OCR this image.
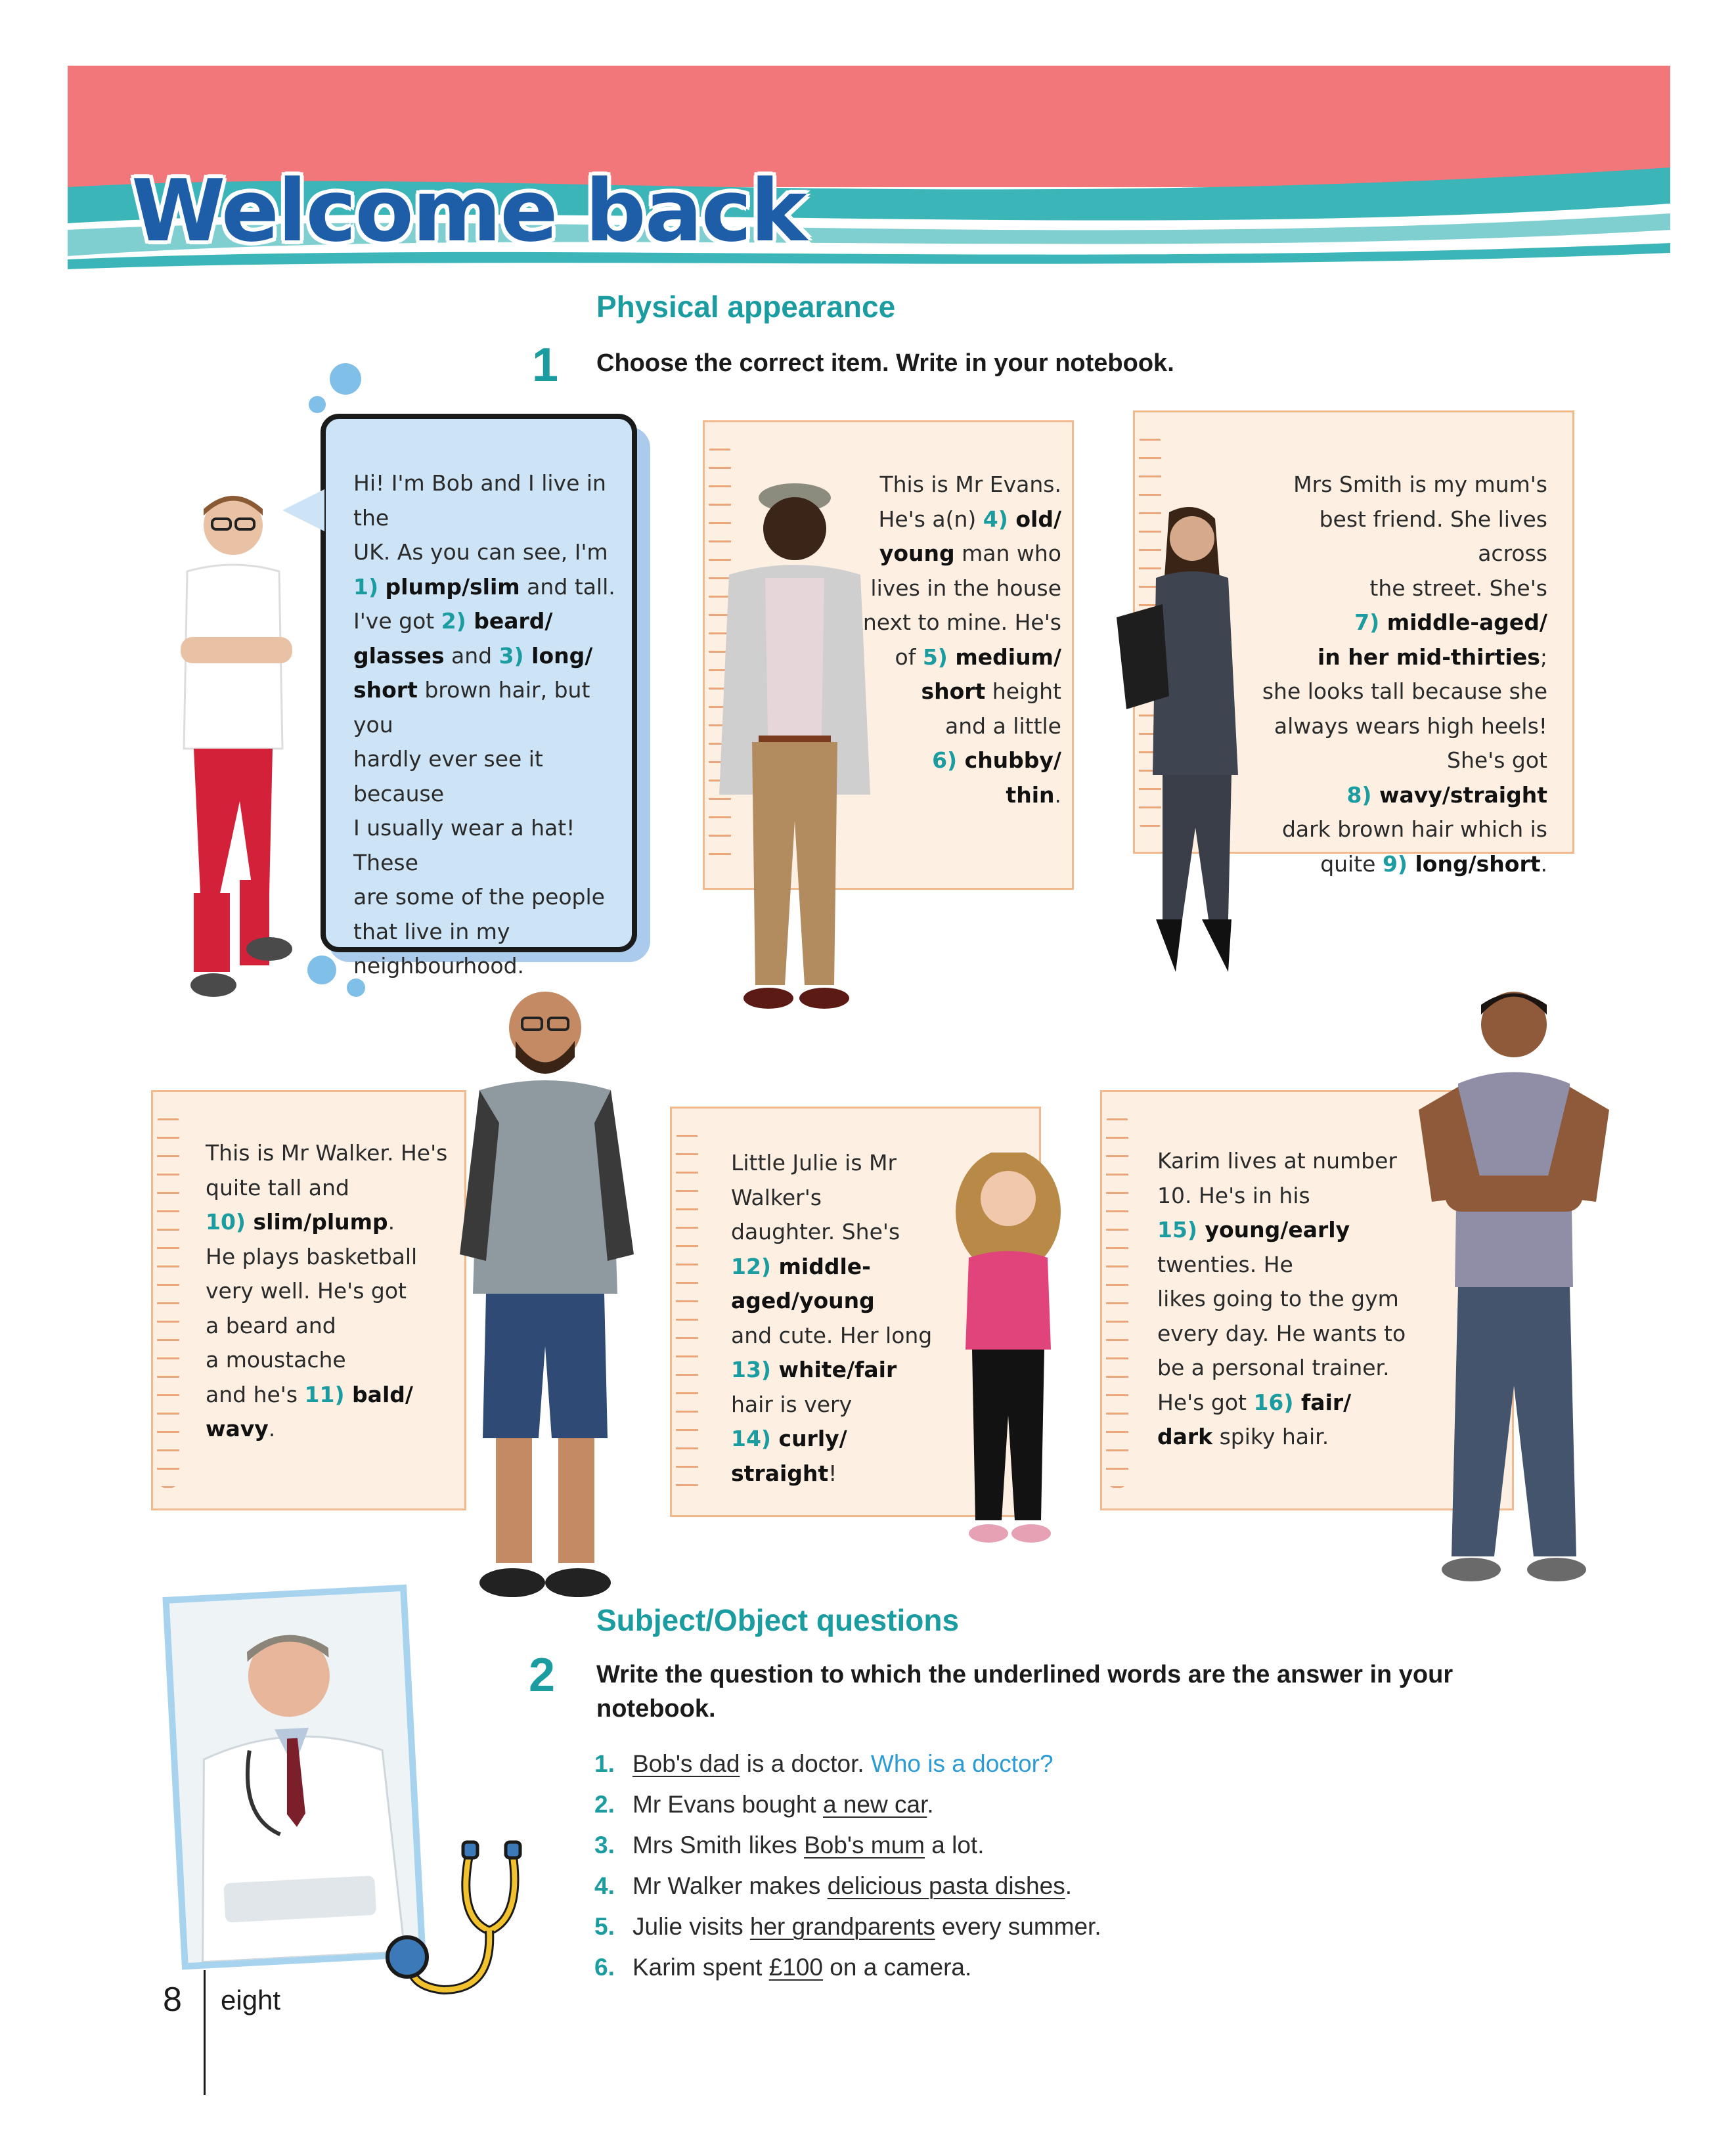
Welcome back
Physical appearance
1 Choose the correct item. Write in your notebook.
Hi! I'm Bob and I live in the
UK. As you can see, I'm
1) plump/slim and tall.
I've got 2) beard/
glasses and 3) long/
short brown hair, but you
hardly ever see it because
I usually wear a hat! These
are some of the people
that live in my
neighbourhood.
This is Mr Evans.
He's a(n) 4) old/
young man who
lives in the house
next to mine. He's
of 5) medium/
short height
and a little
6) chubby/
thin.
Mrs Smith is my mum's
best friend. She lives across
the street. She's
7) middle-aged/
in her mid-thirties;
she looks tall because she
always wears high heels!
She's got
8) wavy/straight
dark brown hair which is
quite 9) long/short.
This is Mr Walker. He's
quite tall and
10) slim/plump.
He plays basketball
very well. He's got
a beard and
a moustache
and he's 11) bald/
wavy.
Little Julie is Mr
Walker's
daughter. She's
12) middle-
aged/young
and cute. Her long
13) white/fair
hair is very
14) curly/
straight!
Karim lives at number
10. He's in his
15) young/early
twenties. He
likes going to the gym
every day. He wants to
be a personal trainer.
He's got 16) fair/
dark spiky hair.
Subject/Object questions
2 Write the question to which the underlined words are the answer in your
notebook.
1. Bob's dad is a doctor. Who is a doctor?
2. Mr Evans bought a new car.
3. Mrs Smith likes Bob's mum a lot.
4. Mr Walker makes delicious pasta dishes.
5. Julie visits her grandparents every summer.
6. Karim spent £100 on a camera.
8 eight
